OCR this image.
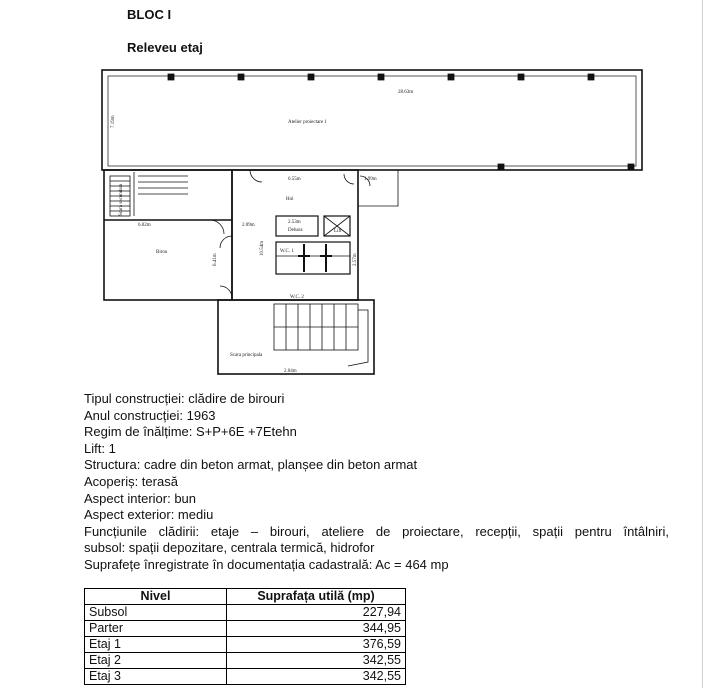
BLOC I
Releveu etaj
28.63m
7.19m	Atelier proiectare 1
6.55m	1.99m
Hol
6.02m
Birou
6.41m
2.09m
10.54m
2.53m
Debara	Lift
W.C. 1
W.C. 2
2.57m
Scara principala
2.04m
Scara secundara
Tipul construcției: clădire de birouri
Anul construcției: 1963
Regim de înălțime: S+P+6E +7Etehn
Lift: 1
Structura: cadre din beton armat, planșee din beton armat
Acoperiș: terasă
Aspect interior: bun
Aspect exterior: mediu
Funcțiunile clădirii: etaje – birouri, ateliere de proiectare, recepții, spații pentru întâlniri,
subsol: spații depozitare, centrala termică, hidrofor
Suprafețe înregistrate în documentația cadastrală: Ac = 464 mp
Nivel	Suprafața utilă (mp)
Subsol	227,94
Parter	344,95
Etaj 1	376,59
Etaj 2	342,55
Etaj 3	342,55
